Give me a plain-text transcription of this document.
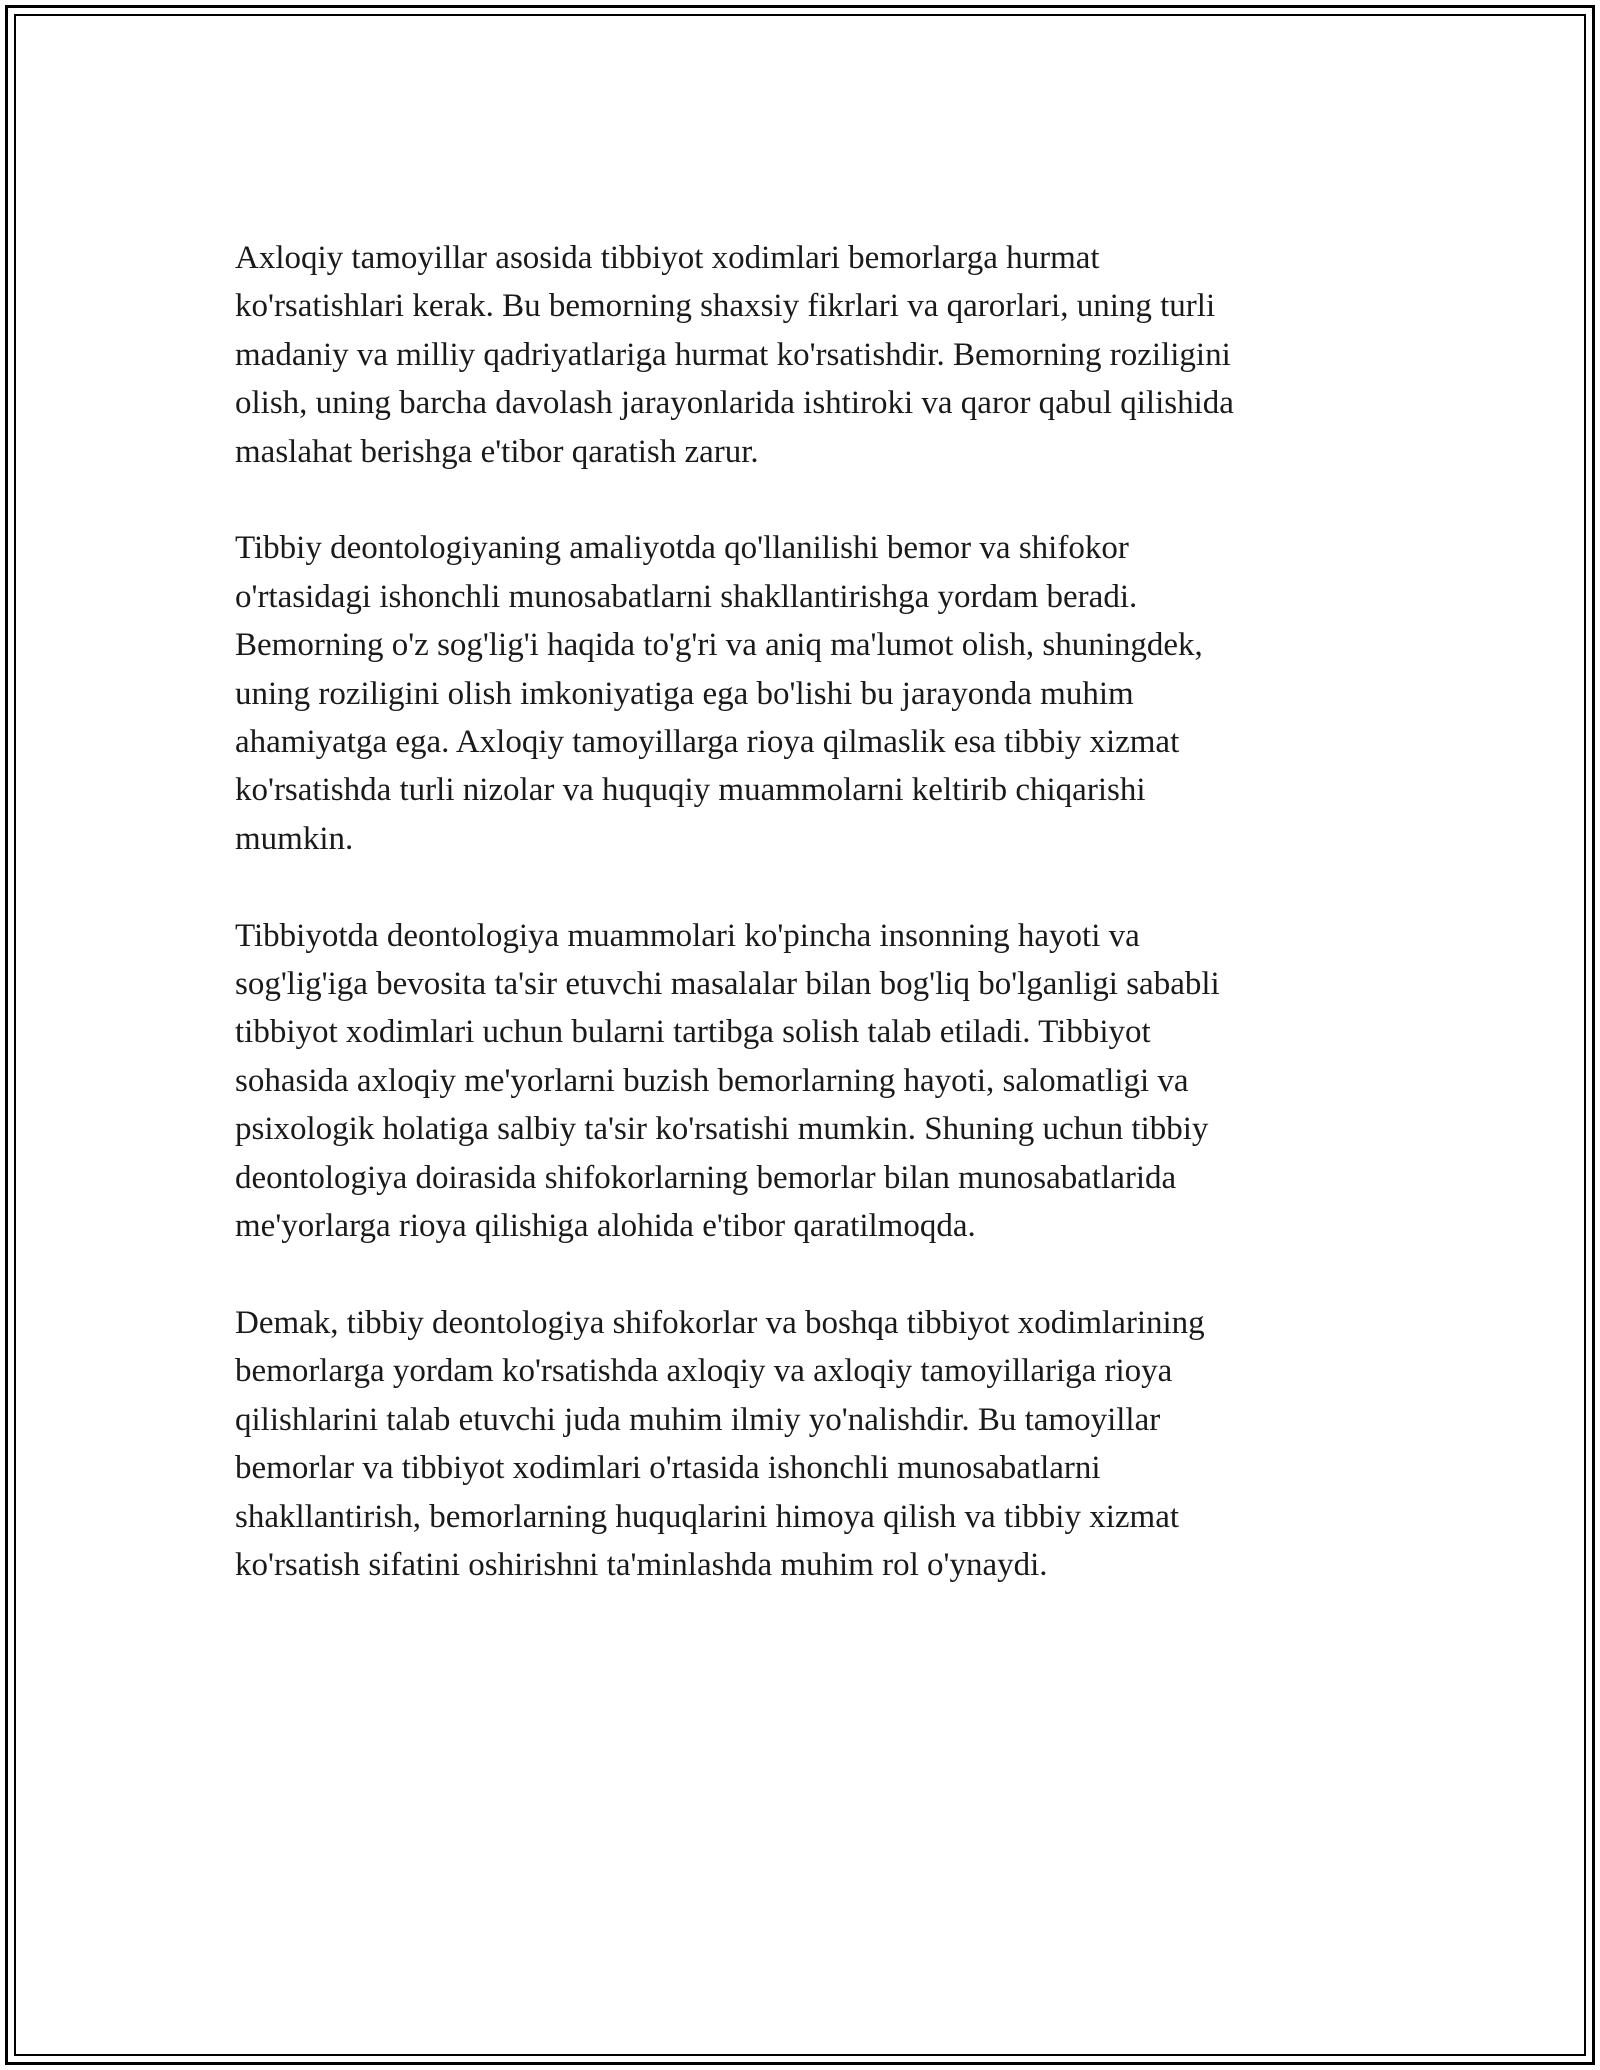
Axloqiy tamoyillar asosida tibbiyot xodimlari bemorlarga hurmat
ko'rsatishlari kerak. Bu bemorning shaxsiy fikrlari va qarorlari, uning turli
madaniy va milliy qadriyatlariga hurmat ko'rsatishdir. Bemorning roziligini
olish, uning barcha davolash jarayonlarida ishtiroki va qaror qabul qilishida
maslahat berishga e'tibor qaratish zarur.

Tibbiy deontologiyaning amaliyotda qo'llanilishi bemor va shifokor
o'rtasidagi ishonchli munosabatlarni shakllantirishga yordam beradi.
Bemorning o'z sog'lig'i haqida to'g'ri va aniq ma'lumot olish, shuningdek,
uning roziligini olish imkoniyatiga ega bo'lishi bu jarayonda muhim
ahamiyatga ega. Axloqiy tamoyillarga rioya qilmaslik esa tibbiy xizmat
ko'rsatishda turli nizolar va huquqiy muammolarni keltirib chiqarishi
mumkin.

Tibbiyotda deontologiya muammolari ko'pincha insonning hayoti va
sog'lig'iga bevosita ta'sir etuvchi masalalar bilan bog'liq bo'lganligi sababli
tibbiyot xodimlari uchun bularni tartibga solish talab etiladi. Tibbiyot
sohasida axloqiy me'yorlarni buzish bemorlarning hayoti, salomatligi va
psixologik holatiga salbiy ta'sir ko'rsatishi mumkin. Shuning uchun tibbiy
deontologiya doirasida shifokorlarning bemorlar bilan munosabatlarida
me'yorlarga rioya qilishiga alohida e'tibor qaratilmoqda.

Demak, tibbiy deontologiya shifokorlar va boshqa tibbiyot xodimlarining
bemorlarga yordam ko'rsatishda axloqiy va axloqiy tamoyillariga rioya
qilishlarini talab etuvchi juda muhim ilmiy yo'nalishdir. Bu tamoyillar
bemorlar va tibbiyot xodimlari o'rtasida ishonchli munosabatlarni
shakllantirish, bemorlarning huquqlarini himoya qilish va tibbiy xizmat
ko'rsatish sifatini oshirishni ta'minlashda muhim rol o'ynaydi.
